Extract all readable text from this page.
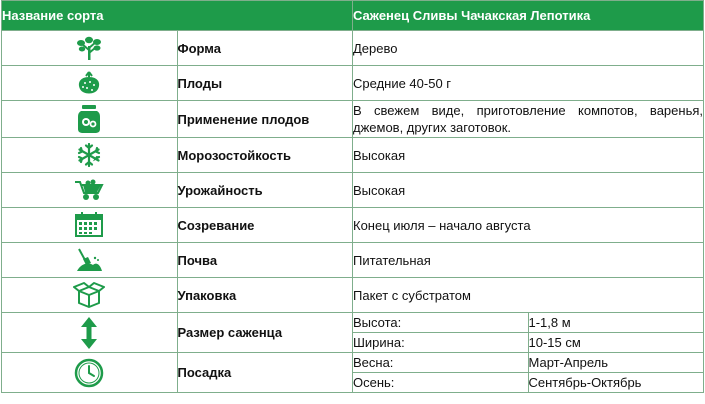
Название сорта		Саженец Сливы Чачакская Лепотика	

	Форма	Дерево	

	Плоды	Средние 40-50 г	

	Применение плодов	В свежем виде, приготовление компотов, варенья, джемов, других заготовок.	

	Морозостойкость	Высокая	

	Урожайность	Высокая	

	Созревание	Конец июля – начало августа	

	Почва	Питательная	

	Упаковка	Пакет с субстратом	

	Размер саженца	Высота:	1-1,8 м
		Ширина:	10-15 см

	Посадка	Весна:	Март-Апрель
		Осень:	Сентябрь-Октябрь
